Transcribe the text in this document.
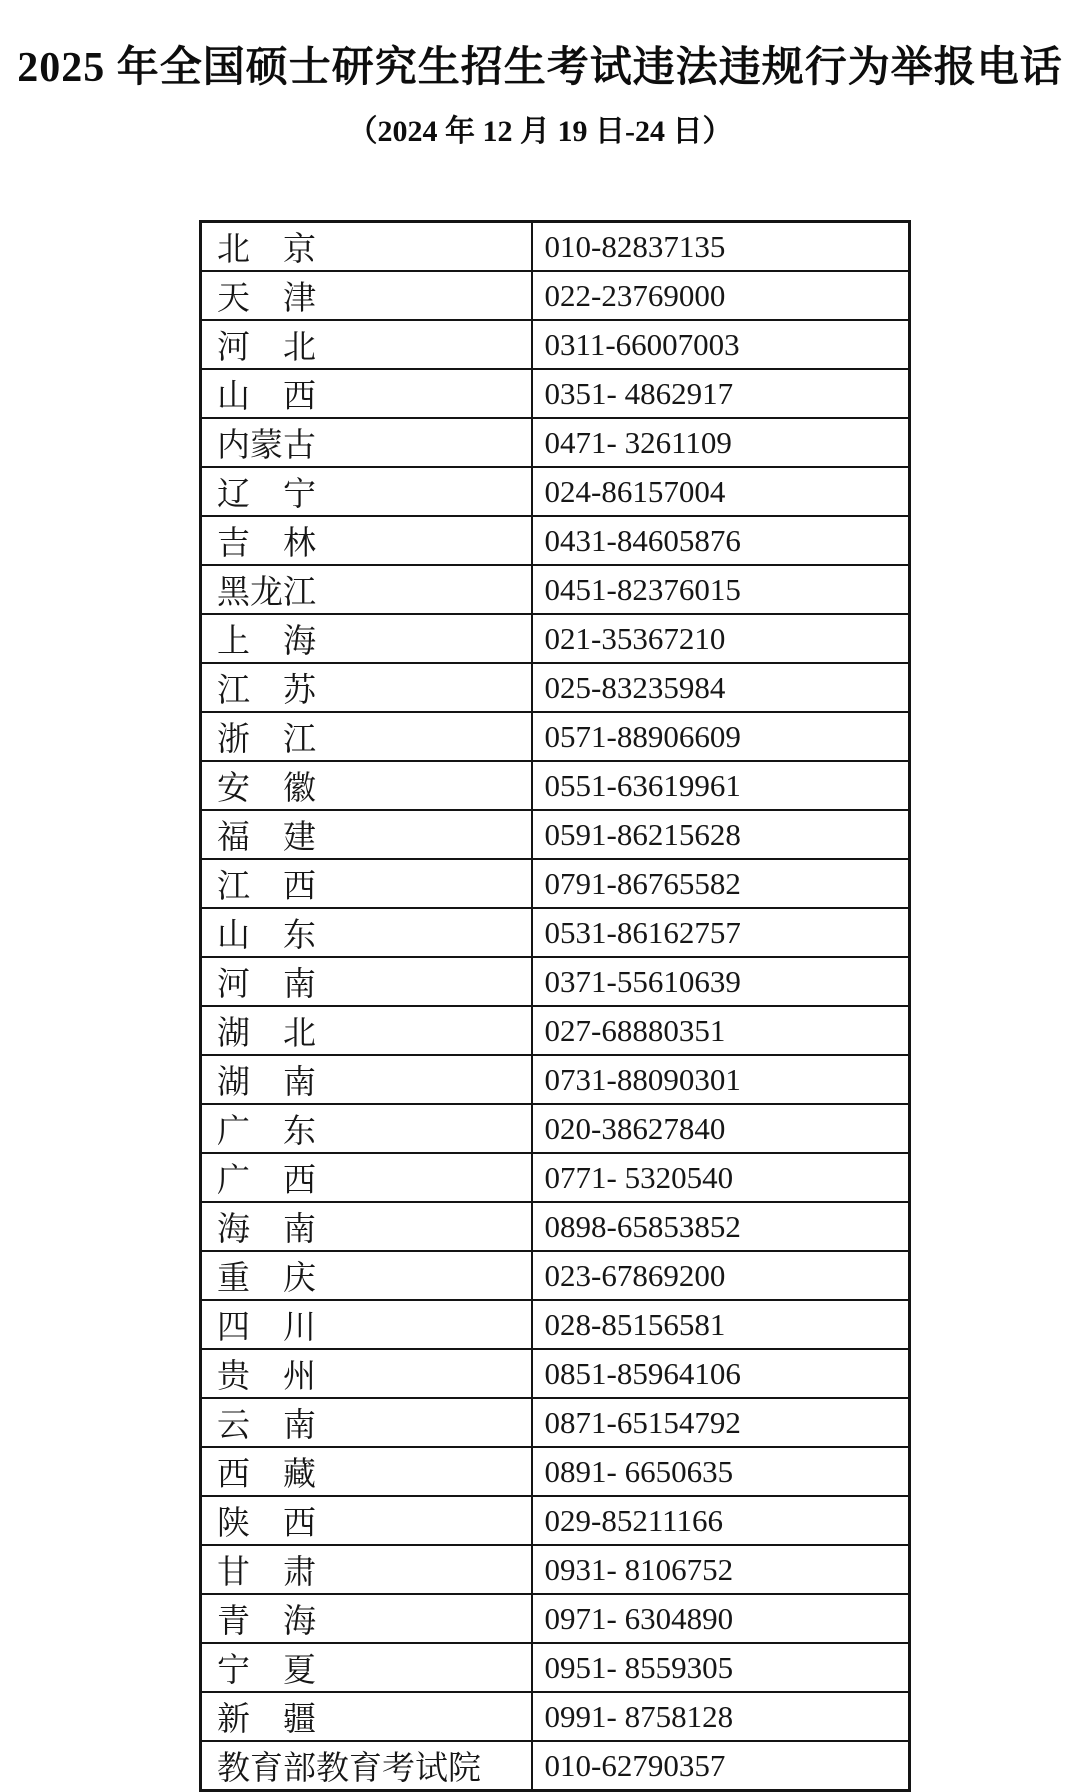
2025 年全国硕士研究生招生考试违法违规行为举报电话
（2024 年 12 月 19 日-24 日）
北　京	010-82837135
天　津	022-23769000
河　北	0311-66007003
山　西	0351- 4862917
内蒙古	0471- 3261109
辽　宁	024-86157004
吉　林	0431-84605876
黑龙江	0451-82376015
上　海	021-35367210
江　苏	025-83235984
浙　江	0571-88906609
安　徽	0551-63619961
福　建	0591-86215628
江　西	0791-86765582
山　东	0531-86162757
河　南	0371-55610639
湖　北	027-68880351
湖　南	0731-88090301
广　东	020-38627840
广　西	0771- 5320540
海　南	0898-65853852
重　庆	023-67869200
四　川	028-85156581
贵　州	0851-85964106
云　南	0871-65154792
西　藏	0891- 6650635
陕　西	029-85211166
甘　肃	0931- 8106752
青　海	0971- 6304890
宁　夏	0951- 8559305
新　疆	0991- 8758128
教育部教育考试院	010-62790357
